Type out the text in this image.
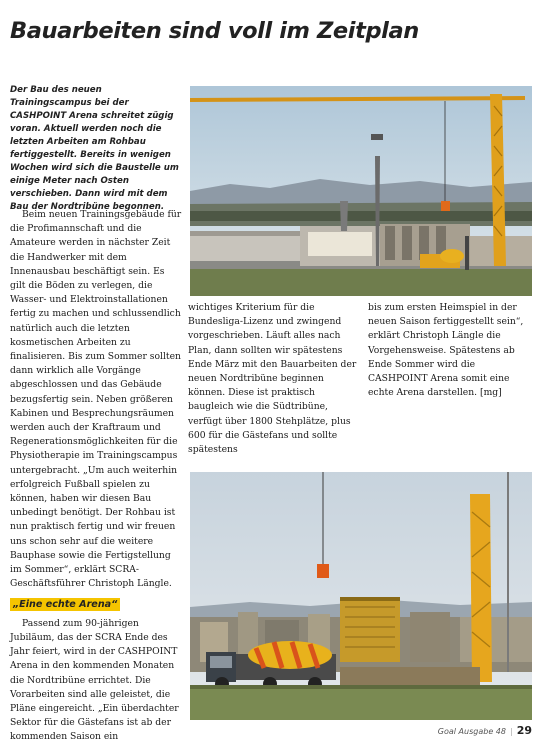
Bauarbeiten sind voll im Zeitplan

Der Bau des neuen Trainingscampus bei der CASHPOINT Arena schreitet zügig voran. Aktuell werden noch die letzten Arbeiten am Rohbau fertiggestellt. Bereits in wenigen Wochen wird sich die Baustelle um einige Meter nach Osten verschieben. Dann wird mit dem Bau der Nordtribüne begonnen.

Beim neuen Trainingsgebäude für die Profimannschaft und die Amateure werden in nächster Zeit die Handwerker mit dem Innenausbau beschäftigt sein. Es gilt die Böden zu verlegen, die Wasser- und Elektroinstallationen fertig zu machen und schlussendlich natürlich auch die letzten kosmetischen Arbeiten zu finalisieren. Bis zum Sommer sollten dann wirklich alle Vorgänge abgeschlossen und das Gebäude bezugsfertig sein. Neben größeren Kabinen und Besprechungsräumen werden auch der Kraftraum und Regenerationsmöglichkeiten für die Physiotherapie im Trainingscampus untergebracht. „Um auch weiterhin erfolgreich Fußball spielen zu können, haben wir diesen Bau unbedingt benötigt. Der Rohbau ist nun praktisch fertig und wir freuen uns schon sehr auf die weitere Bauphase sowie die Fertigstellung im Sommer“, erklärt SCRA-Geschäftsführer Christoph Längle.

„Eine echte Arena“

Passend zum 90-jährigen Jubiläum, das der SCRA Ende des Jahr feiert, wird in der CASHPOINT Arena in den kommenden Monaten die Nordtribüne errichtet. Die Vorarbeiten sind alle geleistet, die Pläne eingereicht. „Ein überdachter Sektor für die Gästefans ist ab der kommenden Saison ein

wichtiges Kriterium für die Bundesliga-Lizenz und zwingend vorgeschrieben. Läuft alles nach Plan, dann sollten wir spätestens Ende März mit den Bauarbeiten der neuen Nordtribüne beginnen können. Diese ist praktisch baugleich wie die Südtribüne, verfügt über 1800 Stehplätze, plus 600 für die Gästefans und sollte spätestens

bis zum ersten Heimspiel in der neuen Saison fertiggestellt sein“, erklärt Christoph Längle die Vorgehensweise. Spätestens ab Ende Sommer wird die CASHPOINT Arena somit eine echte Arena darstellen. [mg]

Goal Ausgabe 48 | 29
